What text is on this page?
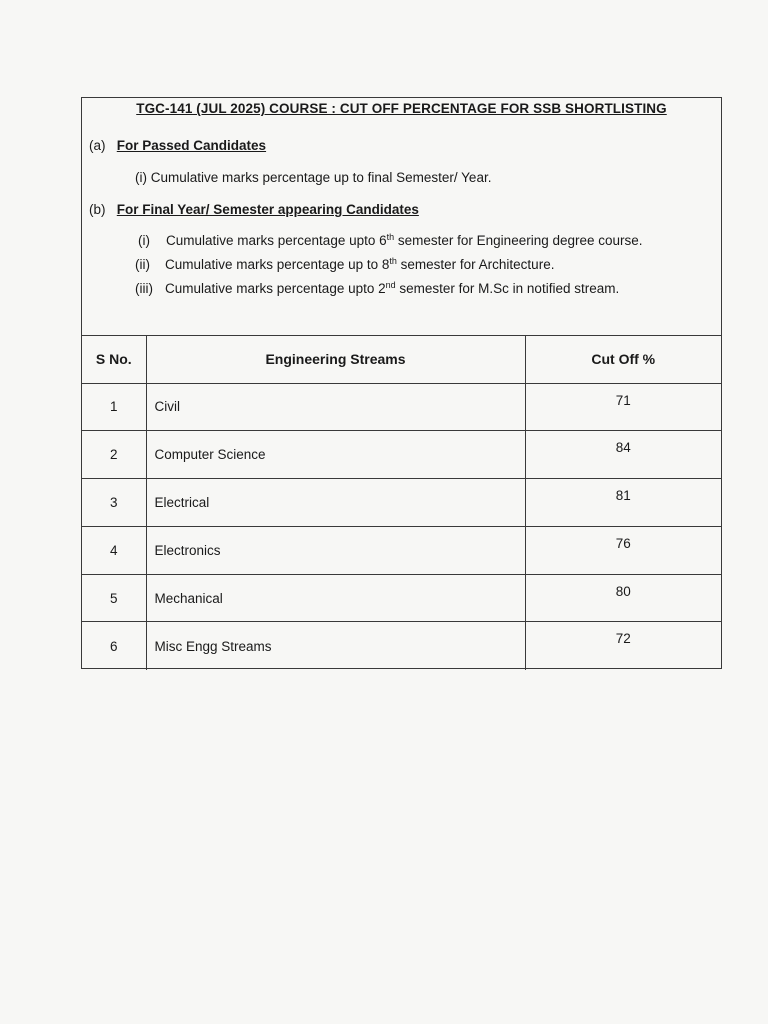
TGC-141 (JUL 2025) COURSE : CUT OFF PERCENTAGE FOR SSB SHORTLISTING
(a) For Passed Candidates
(i) Cumulative marks percentage up to final Semester/ Year.
(b) For Final Year/ Semester appearing Candidates
(i) Cumulative marks percentage upto 6th semester for Engineering degree course.
(ii) Cumulative marks percentage up to 8th semester for Architecture.
(iii) Cumulative marks percentage upto 2nd semester for M.Sc in notified stream.
S No.	Engineering Streams	Cut Off %
1	Civil	71
2	Computer Science	84
3	Electrical	81
4	Electronics	76
5	Mechanical	80
6	Misc Engg Streams	72
